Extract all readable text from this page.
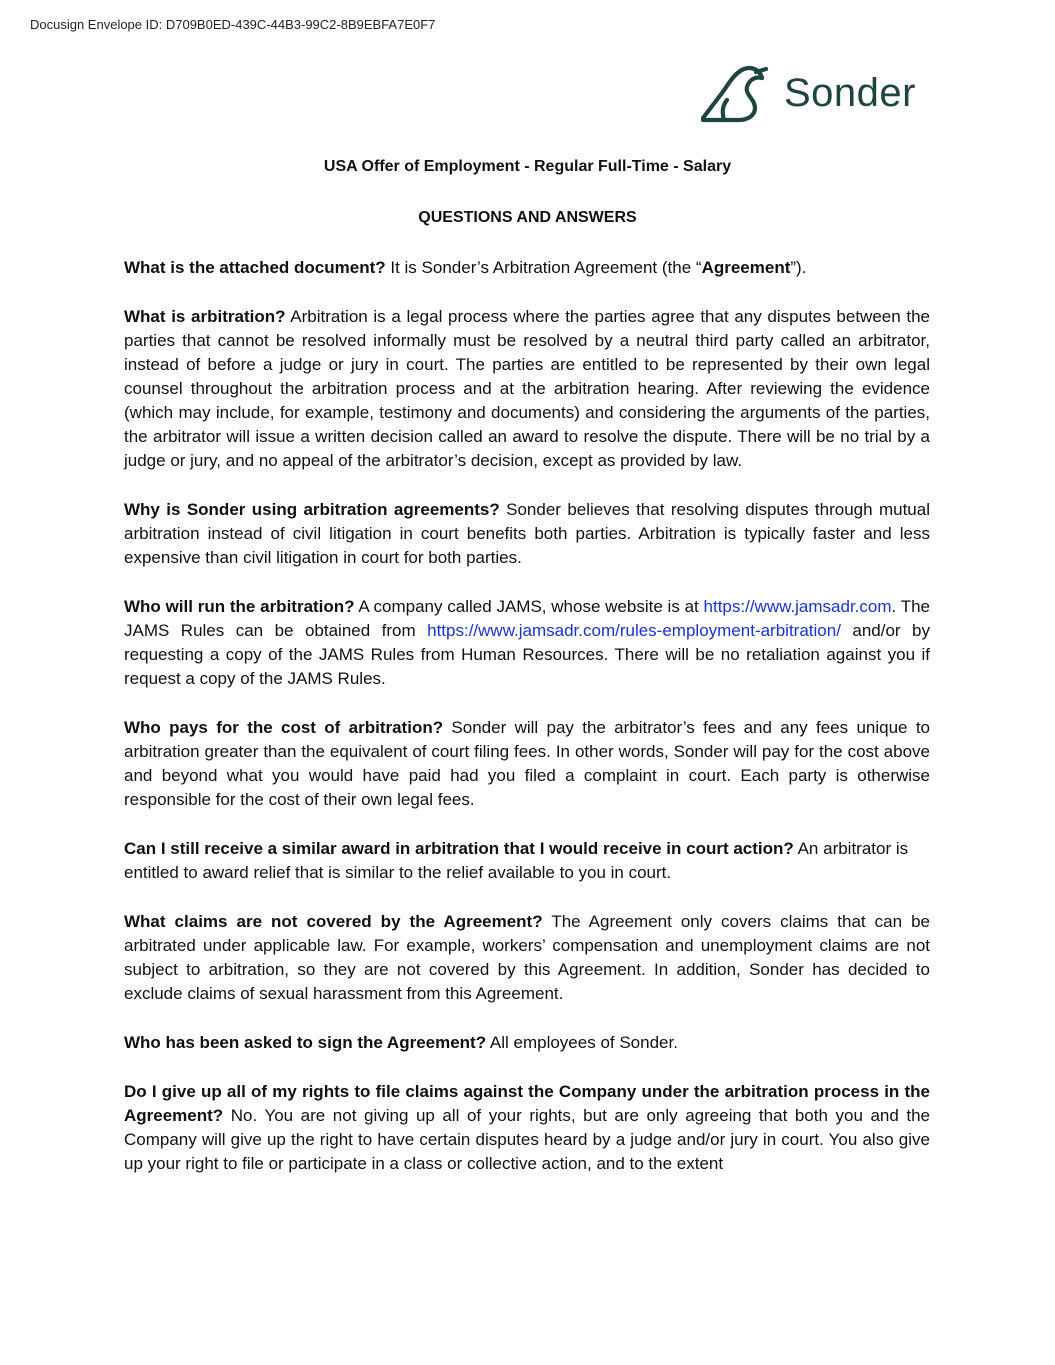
Docusign Envelope ID: D709B0ED-439C-44B3-99C2-8B9EBFA7E0F7
Sonder
USA Offer of Employment - Regular Full-Time - Salary
QUESTIONS AND ANSWERS

What is the attached document? It is Sonder’s Arbitration Agreement (the “Agreement”).

What is arbitration? Arbitration is a legal process where the parties agree that any disputes between the parties that cannot be resolved informally must be resolved by a neutral third party called an arbitrator, instead of before a judge or jury in court. The parties are entitled to be represented by their own legal counsel throughout the arbitration process and at the arbitration hearing. After reviewing the evidence (which may include, for example, testimony and documents) and considering the arguments of the parties, the arbitrator will issue a written decision called an award to resolve the dispute. There will be no trial by a judge or jury, and no appeal of the arbitrator’s decision, except as provided by law.

Why is Sonder using arbitration agreements? Sonder believes that resolving disputes through mutual arbitration instead of civil litigation in court benefits both parties. Arbitration is typically faster and less expensive than civil litigation in court for both parties.

Who will run the arbitration? A company called JAMS, whose website is at https://www.jamsadr.com. The JAMS Rules can be obtained from https://www.jamsadr.com/rules-employment-arbitration/ and/or by requesting a copy of the JAMS Rules from Human Resources. There will be no retaliation against you if request a copy of the JAMS Rules.

Who pays for the cost of arbitration? Sonder will pay the arbitrator’s fees and any fees unique to arbitration greater than the equivalent of court filing fees. In other words, Sonder will pay for the cost above and beyond what you would have paid had you filed a complaint in court. Each party is otherwise responsible for the cost of their own legal fees.

Can I still receive a similar award in arbitration that I would receive in court action? An arbitrator is entitled to award relief that is similar to the relief available to you in court.

What claims are not covered by the Agreement? The Agreement only covers claims that can be arbitrated under applicable law. For example, workers’ compensation and unemployment claims are not subject to arbitration, so they are not covered by this Agreement. In addition, Sonder has decided to exclude claims of sexual harassment from this Agreement.

Who has been asked to sign the Agreement? All employees of Sonder.

Do I give up all of my rights to file claims against the Company under the arbitration process in the Agreement? No. You are not giving up all of your rights, but are only agreeing that both you and the Company will give up the right to have certain disputes heard by a judge and/or jury in court. You also give up your right to file or participate in a class or collective action, and to the extent
